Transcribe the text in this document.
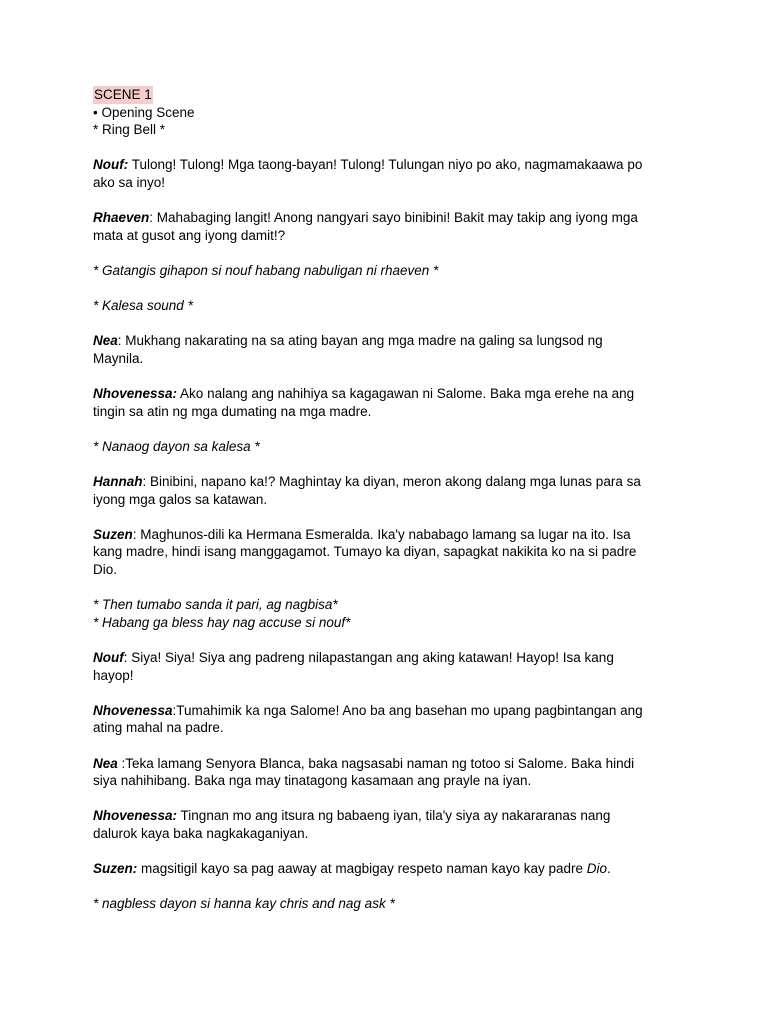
SCENE 1
• Opening Scene
* Ring Bell *

Nouf: Tulong! Tulong! Mga taong-bayan! Tulong! Tulungan niyo po ako, nagmamakaawa po
ako sa inyo!

Rhaeven: Mahabaging langit! Anong nangyari sayo binibini! Bakit may takip ang iyong mga
mata at gusot ang iyong damit!?

* Gatangis gihapon si nouf habang nabuligan ni rhaeven *
* Kalesa sound *

Nea: Mukhang nakarating na sa ating bayan ang mga madre na galing sa lungsod ng
Maynila.

Nhovenessa: Ako nalang ang nahihiya sa kagagawan ni Salome. Baka mga erehe na ang
tingin sa atin ng mga dumating na mga madre.

* Nanaog dayon sa kalesa *

Hannah: Binibini, napano ka!? Maghintay ka diyan, meron akong dalang mga lunas para sa
iyong mga galos sa katawan.

Suzen: Maghunos-dili ka Hermana Esmeralda. Ika'y nababago lamang sa lugar na ito. Isa
kang madre, hindi isang manggagamot. Tumayo ka diyan, sapagkat nakikita ko na si padre
Dio.

* Then tumabo sanda it pari, ag nagbisa*
* Habang ga bless hay nag accuse si nouf*

Nouf: Siya! Siya! Siya ang padreng nilapastangan ang aking katawan! Hayop! Isa kang
hayop!

Nhovenessa:Tumahimik ka nga Salome! Ano ba ang basehan mo upang pagbintangan ang
ating mahal na padre.

Nea :Teka lamang Senyora Blanca, baka nagsasabi naman ng totoo si Salome. Baka hindi
siya nahihibang. Baka nga may tinatagong kasamaan ang prayle na iyan.

Nhovenessa: Tingnan mo ang itsura ng babaeng iyan, tila'y siya ay nakararanas nang
dalurok kaya baka nagkakaganiyan.

Suzen: magsitigil kayo sa pag aaway at magbigay respeto naman kayo kay padre Dio.

* nagbless dayon si hanna kay chris and nag ask *
